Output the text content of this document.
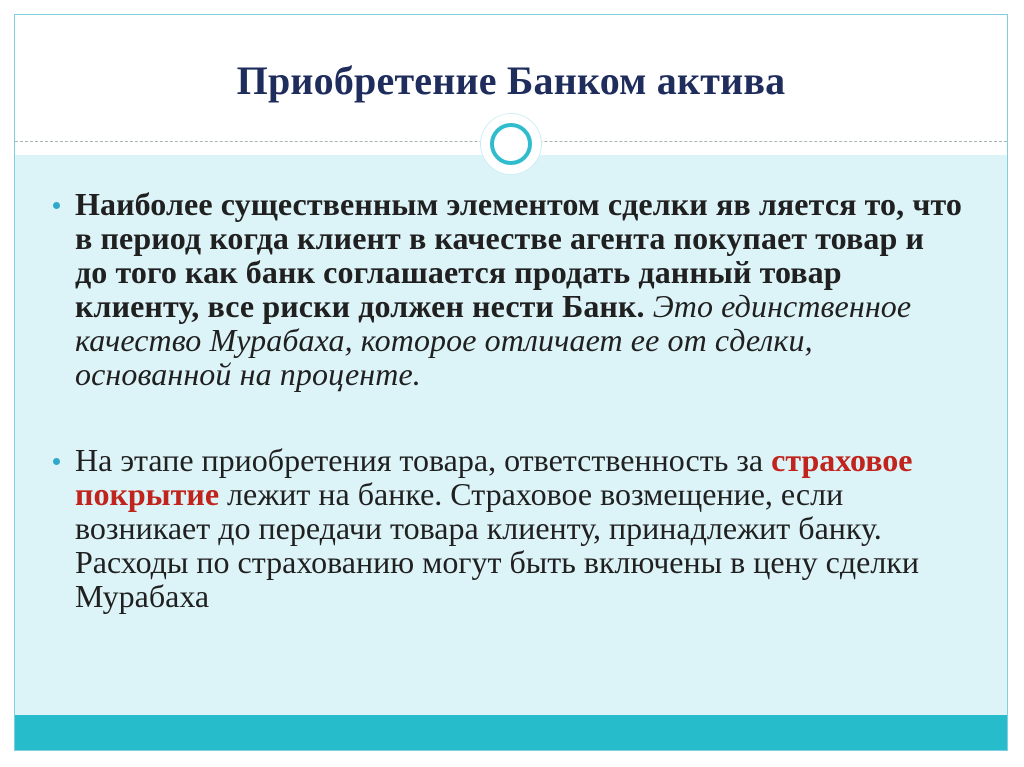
Приобретение Банком актива
Наиболее существенным элементом сделки яв ляется то, что в период когда клиент в качестве агента покупает товар и до того как банк соглашается продать данный товар клиенту, все риски должен нести Банк. Это единственное качество Мурабаха, которое отличает ее от сделки, основанной на проценте.
На этапе приобретения товара, ответственность за страховое покрытие лежит на банке. Страховое возмещение, если возникает до передачи товара клиенту, принадлежит банку. Расходы по страхованию могут быть включены в цену сделки Мурабаха
